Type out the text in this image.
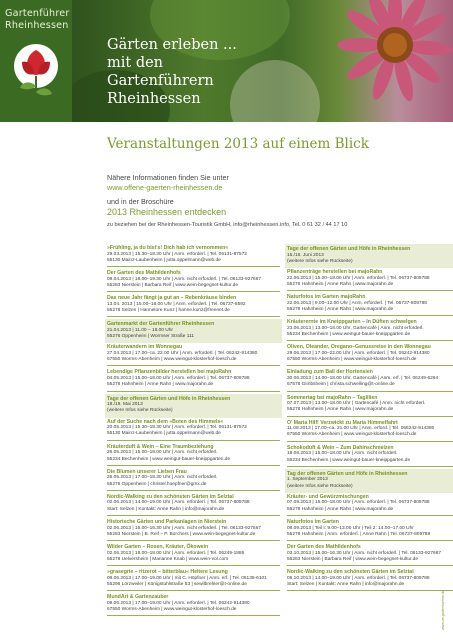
Gartenführer
Rheinhessen
Gärten erleben ...
mit den
Gartenführern Rheinhessen
Veranstaltungen 2013 auf einem Blick
Nähere Informationen finden Sie unter
www.offene-gaerten-rheinhessen.de
und in der Broschüre
2013 Rheinhessen entdecken
zu beziehen bei der Rheinhessen-Touristik GmbH, info@rheinhessen.info, Tel. 0 61 32 / 44 17 10
»Frühling, ja du bist's! Dich hab ich vernommen«
29.03.2013 | 15.30–18.30 Uhr | Anm. erforderl. | Tel. 06131-87572
55130 Mainz-Laubenheim | jutta.oppelmann@web.de
Der Garten des Mathildenhofs
09.04.2013 | 18.00–19.30 Uhr | Anm. nicht erforderl. | Tel. 06133-927667
55283 Nierstein | Barbara Reif | www.wein-begegnet-kultur.de
Das neue Jahr fängt ja gut an – Rebenkräuse binden
13.04. 2013 | 15.00–18.00 Uhr | Anm. erforderl. | Tel. 06737-8592
55278 Selzen | Hannelore Kunz | hanne.kunz@freenet.de
Gartenmarkt der Gartenführer Rheinhessen
21.04.2013 | 11.00 – 18.00 Uhr
55276 Oppenheim | Wormser Straße 111
Kräuterwandern im Wonnegau
27.04.2013 | 17.00–ca. 22.00 Uhr | Anm. erforderl. | Tel. 06242-914380
67550 Worms-Abenheim | www.weingut-klosterhof-loesch.de
Lebendige Pflanzenbilder herstellen bei majoRahn
04.05.2013 | 15.00–18.00 Uhr | Anm. erforderl. | Tel. 06737-809788
55278 Hahnheim | Anne Rahn | www.majorahn.de
Tage der offenen Gärten und Höfe in Rheinhessen
18./19. Mai 2013
(weitere Infos siehe Rückseite)
Auf der Suche nach dem »Boten des Himmels«
20.05.2013 | 15.30–18.30 Uhr | Anm. erforderl. | Tel. 06131-87572
55130 Mainz-Laubenheim | jutta.oppelmann@web.de
Kräuterduft & Wein – Eine Traumbeziehung
26.05.2013 | 15.00–18.00 Uhr | Anm. nicht erforderl.
55234 Bechenheim | www.weingut-bauer-kneippgarten.de
Die Blumen unserer Lieben Frau
26.05.2013 | 17.00–18.30 Uhr | Anm. nicht erforderl.
55276 Oppenheim | christel.hoepfner@gmx.de
Nordic-Walking zu den schönsten Gärten im Selztal
02.06.2013 | 14.00–19.00 Uhr | Anm. erforderl. | Tel. 06737-809788
Start: Selzen | Kontakt: Anne Rahn | info@majorahn.de
Historische Gärten und Parkanlagen in Nierstein
02.06.2013 | 15.00–16.30 Uhr | Anm. nicht erforderl. | Tel. 06133-927667
55283 Nierstein | B. Reif – P. Borchers | www.wein-begegnet-kultur.de
Wilder Garten – Rosen, Kräuter, Ökowein
02.06.2013 | 16.00–18.00 Uhr | Anm. erforderl. | Tel. 06249-1886
55278 Uelversheim | Marianne Knab | www.wein-vol.com
»grasegrie – ritzerot – bitterblau« Heitere Lesung
09.06.2013 | 17.00–19.00 Uhr | mit C. Höpfner | Anm. erf. | Tel. 06138-6101
55296 Lörzweiler | Königstuhlstraße 53 | sewilbrehler@t-online.de
MundArt & Gartenzauber
09.06.2013 | 17.00–19.00 Uhr | Anm. erforderl. | Tel. 06242-914380
67550 Worms-Abenheim | www.weingut-klosterhof-loesch.de
Tage der offenen Gärten und Höfe in Rheinhessen
15./16. Juni 2013
(weitere Infos siehe Rückseite)
Pflanzenträge herstellen bei majoRahn
22.06.2013 | 15.00–18.00 Uhr | Anm. erforderl. | Tel. 06737-809788
55278 Hahnheim | Anne Rahn | www.majorahn.de
Naturfotos im Garten majoRahn
22.06.2013 | 9.00–12.00 Uhr | Anm. erforderl. | Tel. 06737-809788
55278 Hahnheim | Anne Rahn | www.majorahn.de
Kräuterernte im Kneippgarten – In Düften schwelgen
23.06.2013 | 13.00–18.00 Uhr, Gartencafé | Anm. nicht erforderl.
55234 Bechenheim | www.weingut-bauer-kneippgarten.de
Oliven, Oleander, Oregano–Genussreise in den Wonnegau
29.06.2013 | 17.00–22.00 Uhr | Anm. erforderl. | Tel. 06242-914380
67550 Worms-Abenheim | www.weingut-klosterhof-loesch.de
Einladung zum Ball der Hortensien
30.06.2013 | 14.00–18.00 Uhr, Gartencafé | Anm. erf. | Tel. 06249-6264
67578 Gimbsheim | christa.schwelling@t-online.de
Sommertag bei majoRahn – Taglilien
07.07.2013 | 13.00–18.00 Uhr | Gartencafé | Anm. nicht erforderl.
55278 Hahnheim | Anne Rahn | www.majorahn.de
O' Maria Hilf! Verzwickt zu Maria Himmelfahrt
11.08.2013 | 17.00–ca. 21.00 Uhr | Anm. erford. | Tel. 066242-914380
67550 Worms-Abenheim | www.weingut-klosterhof-loesch.de
Schokoduft & Wein – Zum Dahinschmelzen
18.08.2013 | 15.00–18.00 Uhr | Anm. nicht erforderl.
55234 Bechenheim | www.weingut-bauer-kneippgarten.de
Tag der offenen Gärten und Höfe in Rheinhessen
1. September 2013
(weitere Infos siehe Rückseite)
Kräuter- und Gewürzmischungen
07.09.2013 | 15.00–18.00 Uhr | Anm. erforderl. | Tel. 06737-809788
55278 Hahnheim | Anne Rahn | www.majorahn.de
Naturfotos im Garten
08.09.2013 | Teil I: 9.00–13.00 Uhr | Teil 2: 14.00–17.00 Uhr
55278 Hahnheim | Anm. erforderl. | Anne Rahn | Tel. 06737-809788
Der Garten des Mathildenhofs
03.10.2013 | 15.00–16.30 Uhr | Anm. nicht erforderl. | Tel. 06133-927667
55283 Nierstein | Barbara Reif | www.wein-begegnet-kultur.de
Nordic-Walking zu den schönsten Gärten im Selztal
06.10.2013 | 14.00–19.00 Uhr | Anm. erforderl. | Tel. 06737-809788
Start: Selzen | Kontakt: Anne Rahn | info@majorahn.de
www.oe-gartenfuehrer.de
